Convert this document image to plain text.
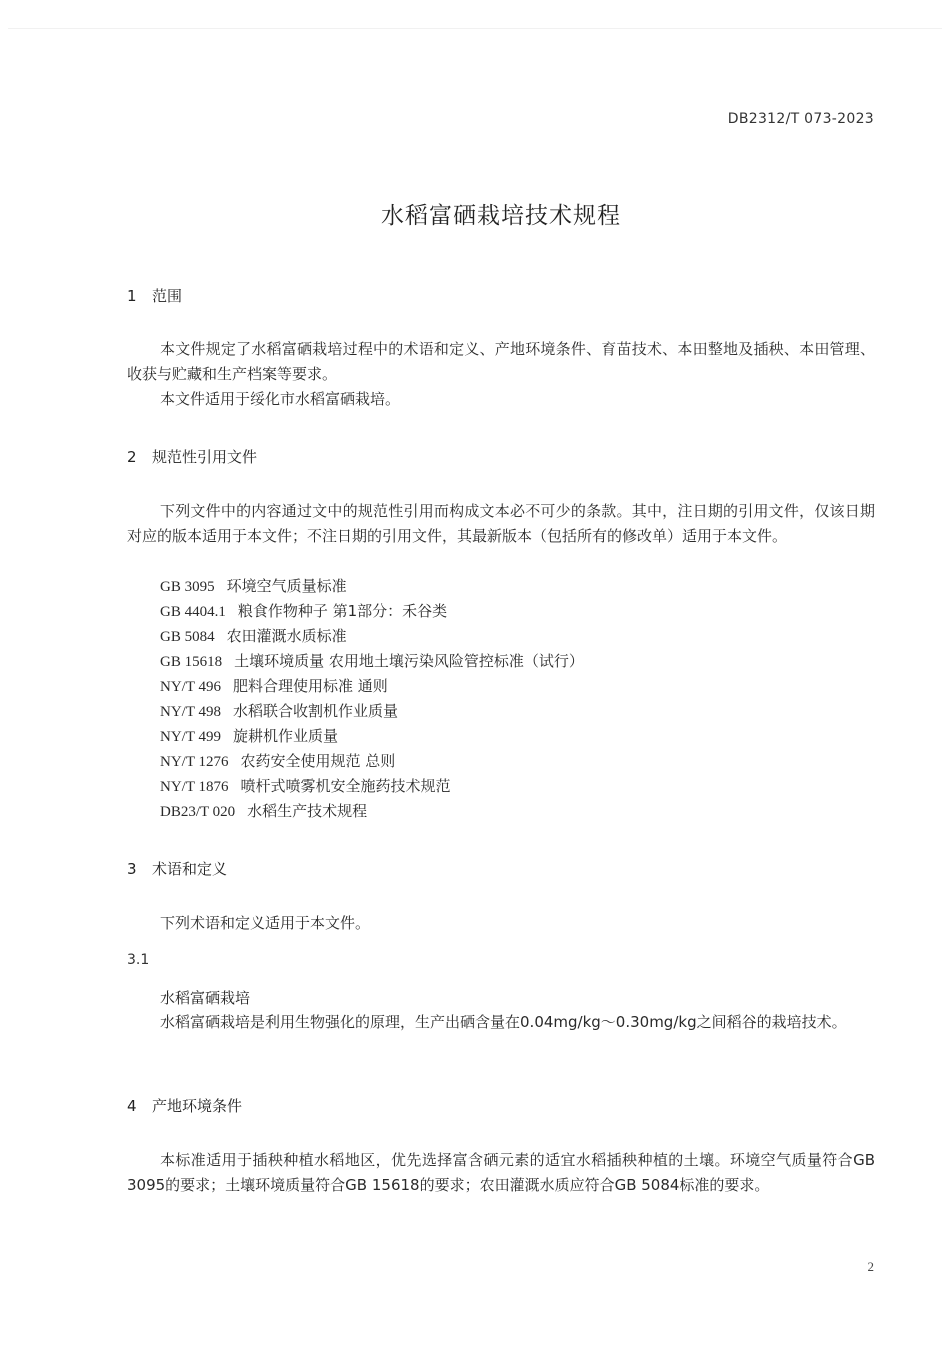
DB2312/T 073-2023
水稻富硒栽培技术规程
1 范围

本文件规定了水稻富硒栽培过程中的术语和定义、产地环境条件、育苗技术、本田整地及插秧、本田管理、收获与贮藏和生产档案等要求。

本文件适用于绥化市水稻富硒栽培。

2 规范性引用文件

下列文件中的内容通过文中的规范性引用而构成文本必不可少的条款。其中，注日期的引用文件，仅该日期对应的版本适用于本文件；不注日期的引用文件，其最新版本（包括所有的修改单）适用于本文件。

GB 3095 环境空气质量标准
GB 4404.1 粮食作物种子 第1部分：禾谷类
GB 5084 农田灌溉水质标准
GB 15618 土壤环境质量 农用地土壤污染风险管控标准（试行）
NY/T 496 肥料合理使用标准 通则
NY/T 498 水稻联合收割机作业质量
NY/T 499 旋耕机作业质量
NY/T 1276 农药安全使用规范 总则
NY/T 1876 喷杆式喷雾机安全施药技术规范
DB23/T 020 水稻生产技术规程
3 术语和定义

下列术语和定义适用于本文件。

3.1
水稻富硒栽培

水稻富硒栽培是利用生物强化的原理，生产出硒含量在0.04mg/kg～0.30mg/kg之间稻谷的栽培技术。

4 产地环境条件

本标准适用于插秧种植水稻地区，优先选择富含硒元素的适宜水稻插秧种植的土壤。环境空气质量符合GB 3095的要求；土壤环境质量符合GB 15618的要求；农田灌溉水质应符合GB 5084标准的要求。

2
